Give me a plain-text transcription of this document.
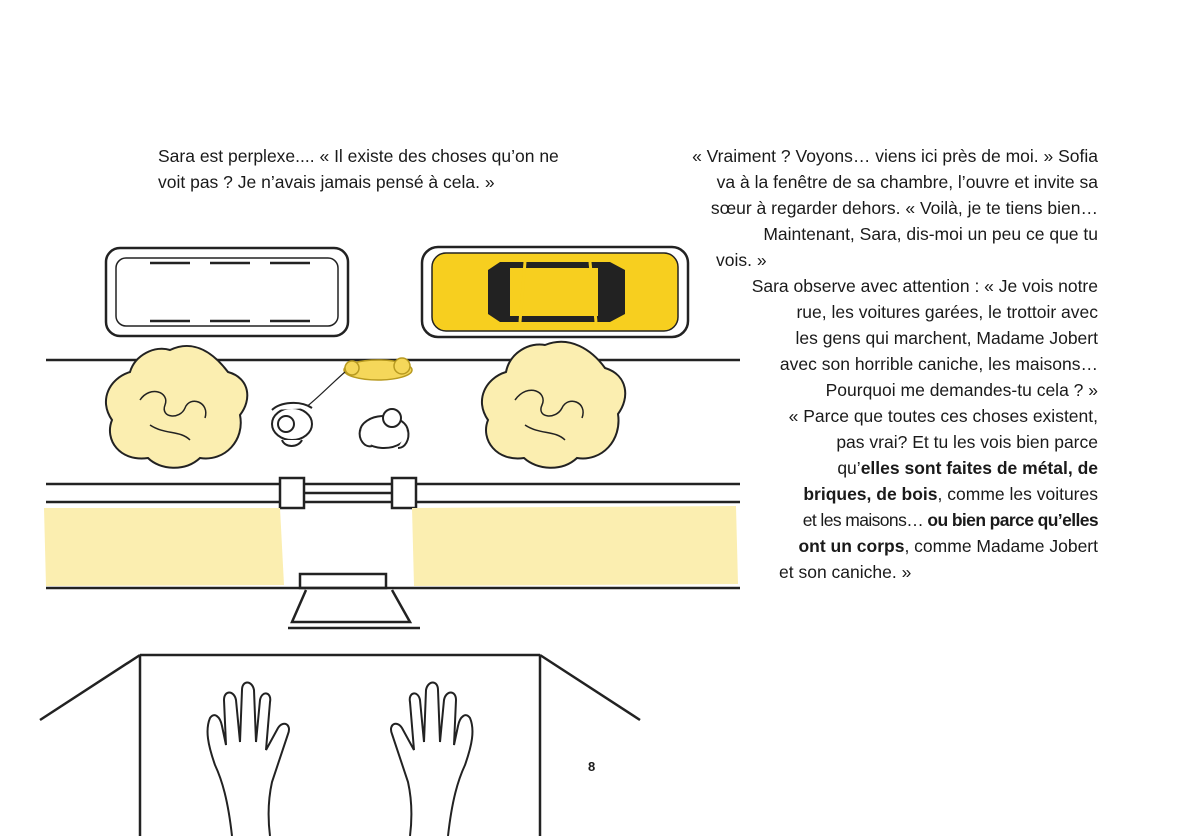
Sara est perplexe.... « Il existe des choses qu’on ne
voit pas ? Je n’avais jamais pensé à cela. »
« Vraiment ? Voyons… viens ici près de moi. » Sofia
va à la fenêtre de sa chambre, l’ouvre et invite sa
sœur à regarder dehors. « Voilà, je te tiens bien…
Maintenant, Sara, dis-moi un peu ce que tu
vois. »
Sara observe avec attention : « Je vois notre
rue, les voitures garées, le trottoir avec
les gens qui marchent, Madame Jobert
avec son horrible caniche, les maisons…
Pourquoi me demandes-tu cela ? »
« Parce que toutes ces choses existent,
pas vrai? Et tu les vois bien parce
qu’elles sont faites de métal, de
briques, de bois, comme les voitures
et les maisons… ou bien parce qu’elles
ont un corps, comme Madame Jobert
et son caniche. »
8
